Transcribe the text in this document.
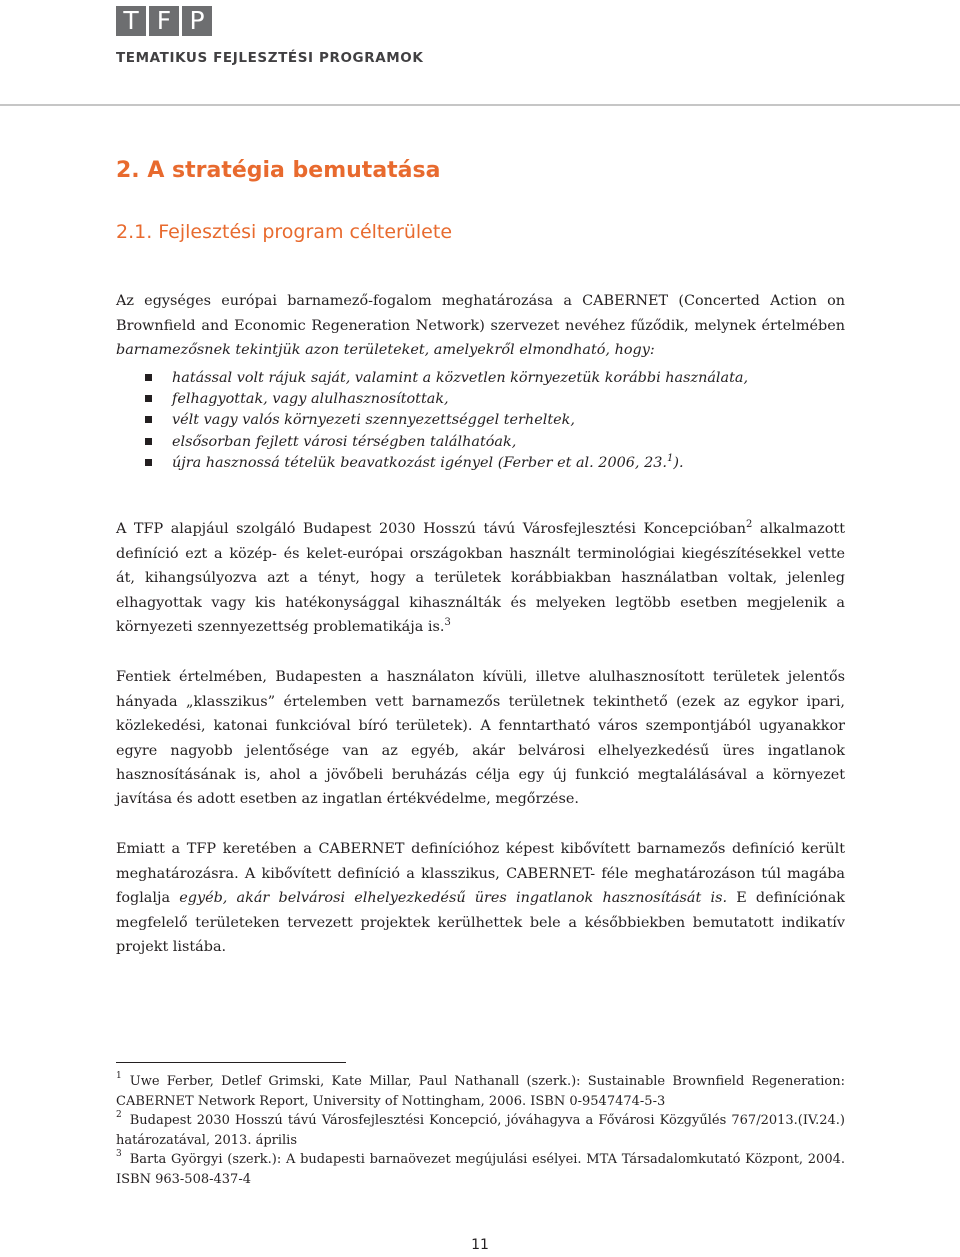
T F P
TEMATIKUS FEJLESZTÉSI PROGRAMOK
2. A stratégia bemutatása
2.1. Fejlesztési program célterülete

Az egységes európai barnamező-fogalom meghatározása a CABERNET (Concerted Action on Brownfield and Economic Regeneration Network) szervezet nevéhez fűződik, melynek értelmében barnamezősnek tekintjük azon területeket, amelyekről elmondható, hogy:

hatással volt rájuk saját, valamint a közvetlen környezetük korábbi használata,
felhagyottak, vagy alulhasznosítottak,
vélt vagy valós környezeti szennyezettséggel terheltek,
elsősorban fejlett városi térségben találhatóak,
újra hasznossá tételük beavatkozást igényel (Ferber et al. 2006, 23.$^1$).

A TFP alapjául szolgáló Budapest 2030 Hosszú távú Városfejlesztési Koncepcióban$^2$ alkalmazott definíció ezt a közép- és kelet-európai országokban használt terminológiai kiegészítésekkel vette át, kihangsúlyozva azt a tényt, hogy a területek korábbiakban használatban voltak, jelenleg elhagyottak vagy kis hatékonysággal kihasználták és melyeken legtöbb esetben megjelenik a környezeti szennyezettség problematikája is.$^3$

Fentiek értelmében, Budapesten a használaton kívüli, illetve alulhasznosított területek jelentős hányada „klasszikus” értelemben vett barnamezős területnek tekinthető (ezek az egykor ipari, közlekedési, katonai funkcióval bíró területek). A fenntartható város szempontjából ugyanakkor egyre nagyobb jelentősége van az egyéb, akár belvárosi elhelyezkedésű üres ingatlanok hasznosításának is, ahol a jövőbeli beruházás célja egy új funkció megtalálásával a környezet javítása és adott esetben az ingatlan értékvédelme, megőrzése.

Emiatt a TFP keretében a CABERNET definícióhoz képest kibővített barnamezős definíció került meghatározásra. A kibővített definíció a klasszikus, CABERNET- féle meghatározáson túl magába foglalja egyéb, akár belvárosi elhelyezkedésű üres ingatlanok hasznosítását is. E definíciónak megfelelő területeken tervezett projektek kerülhettek bele a későbbiekben bemutatott indikatív projekt listába.

$^1$ Uwe Ferber, Detlef Grimski, Kate Millar, Paul Nathanall (szerk.): Sustainable Brownfield Regeneration: CABERNET Network Report, University of Nottingham, 2006. ISBN 0-9547474-5-3

$^2$ Budapest 2030 Hosszú távú Városfejlesztési Koncepció, jóváhagyva a Fővárosi Közgyűlés 767/2013.(IV.24.) határozatával, 2013. április

$^3$ Barta Györgyi (szerk.): A budapesti barnaövezet megújulási esélyei. MTA Társadalomkutató Központ, 2004. ISBN 963-508-437-4

11
